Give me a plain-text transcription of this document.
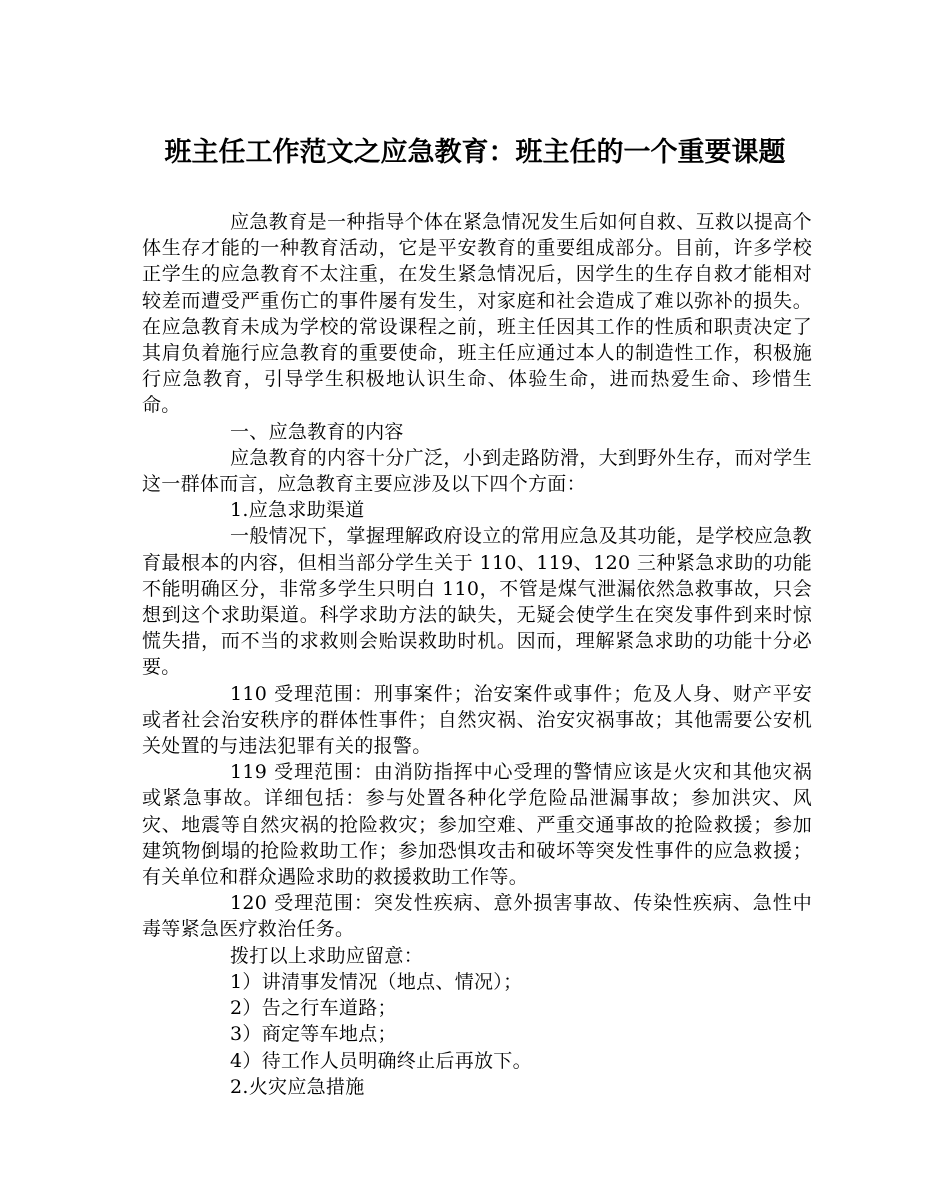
班主任工作范文之应急教育：班主任的一个重要课题

应急教育是一种指导个体在紧急情况发生后如何自救、互救以提高个体生存才能的一种教育活动，它是平安教育的重要组成部分。目前，许多学校正学生的应急教育不太注重，在发生紧急情况后，因学生的生存自救才能相对较差而遭受严重伤亡的事件屡有发生，对家庭和社会造成了难以弥补的损失。在应急教育未成为学校的常设课程之前，班主任因其工作的性质和职责决定了其肩负着施行应急教育的重要使命，班主任应通过本人的制造性工作，积极施行应急教育，引导学生积极地认识生命、体验生命，进而热爱生命、珍惜生命。

一、应急教育的内容

应急教育的内容十分广泛，小到走路防滑，大到野外生存，而对学生这一群体而言，应急教育主要应涉及以下四个方面：

1.应急求助渠道

一般情况下，掌握理解政府设立的常用应急及其功能，是学校应急教育最根本的内容，但相当部分学生关于 110、119、120 三种紧急求助的功能不能明确区分，非常多学生只明白 110，不管是煤气泄漏依然急救事故，只会想到这个求助渠道。科学求助方法的缺失，无疑会使学生在突发事件到来时惊慌失措，而不当的求救则会贻误救助时机。因而，理解紧急求助的功能十分必要。

110 受理范围：刑事案件；治安案件或事件；危及人身、财产平安或者社会治安秩序的群体性事件；自然灾祸、治安灾祸事故；其他需要公安机关处置的与违法犯罪有关的报警。

119 受理范围：由消防指挥中心受理的警情应该是火灾和其他灾祸或紧急事故。详细包括：参与处置各种化学危险品泄漏事故；参加洪灾、风灾、地震等自然灾祸的抢险救灾；参加空难、严重交通事故的抢险救援；参加建筑物倒塌的抢险救助工作；参加恐惧攻击和破坏等突发性事件的应急救援；有关单位和群众遇险求助的救援救助工作等。

120 受理范围：突发性疾病、意外损害事故、传染性疾病、急性中毒等紧急医疗救治任务。

拨打以上求助应留意：

1）讲清事发情况（地点、情况）；

2）告之行车道路；

3）商定等车地点；

4）待工作人员明确终止后再放下。

2.火灾应急措施
